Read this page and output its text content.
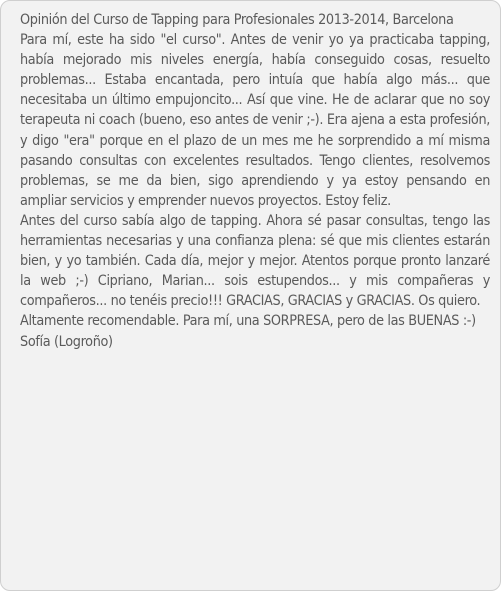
Opinión del Curso de Tapping para Profesionales 2013-2014, Barcelona

Para mí, este ha sido "el curso". Antes de venir yo ya practicaba tapping, había mejorado mis niveles energía, había conseguido cosas, resuelto problemas... Estaba encantada, pero intuía que había algo más... que necesitaba un último empujoncito... Así que vine. He de aclarar que no soy terapeuta ni coach (bueno, eso antes de venir ;-). Era ajena a esta profesión, y digo "era" porque en el plazo de un mes me he sorprendido a mí misma pasando consultas con excelentes resultados. Tengo clientes, resolvemos problemas, se me da bien, sigo aprendiendo y ya estoy pensando en ampliar servicios y emprender nuevos proyectos. Estoy feliz.

Antes del curso sabía algo de tapping. Ahora sé pasar consultas, tengo las herramientas necesarias y una confianza plena: sé que mis clientes estarán bien, y yo también. Cada día, mejor y mejor. Atentos porque pronto lanzaré la web ;-) Cipriano, Marian... sois estupendos... y mis compañeras y compañeros... no tenéis precio!!! GRACIAS, GRACIAS y GRACIAS. Os quiero.

Altamente recomendable. Para mí, una SORPRESA, pero de las BUENAS :-)

Sofía (Logroño)
